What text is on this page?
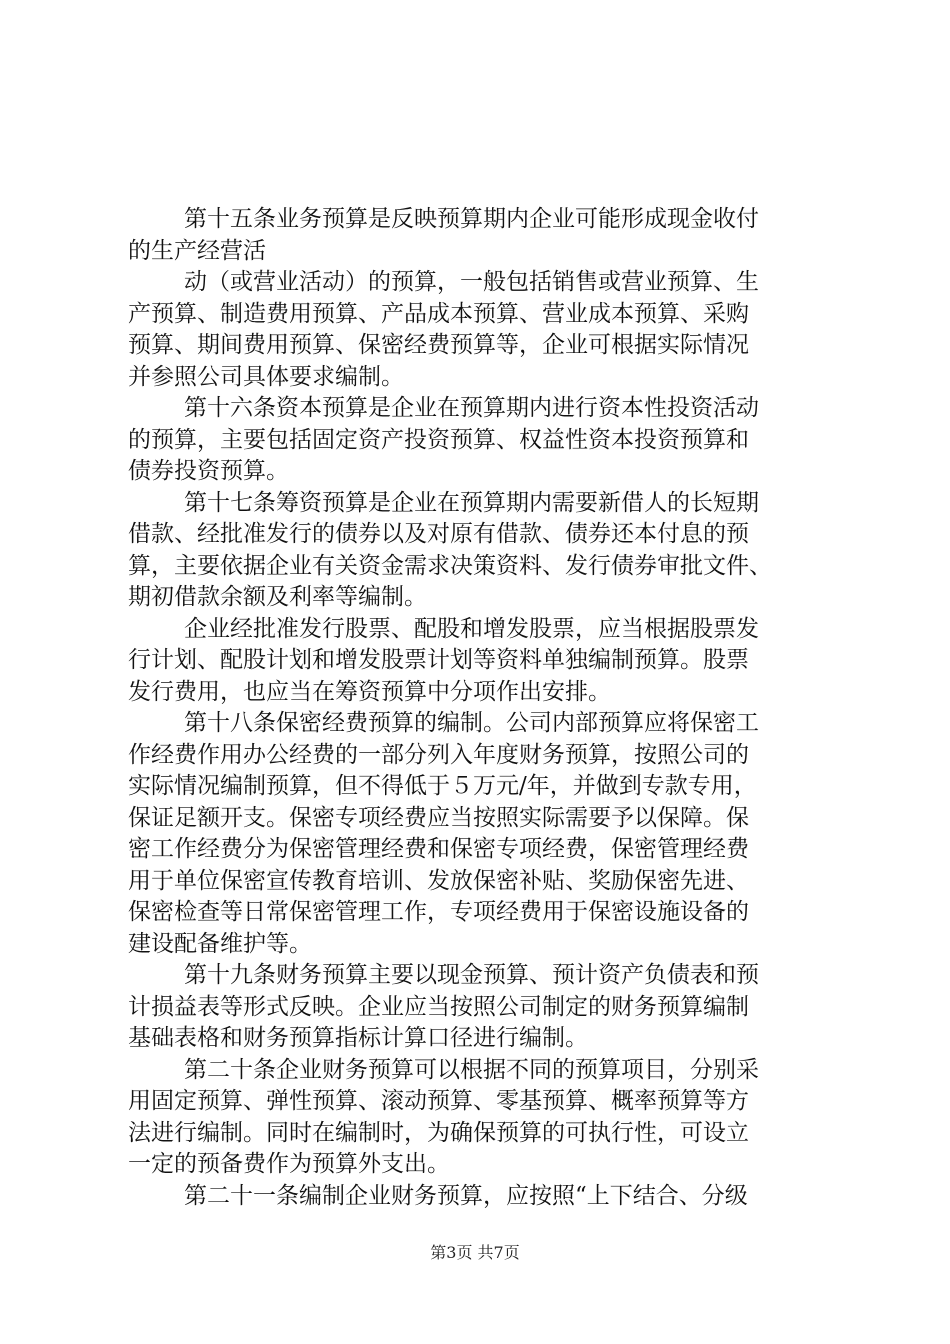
第十五条业务预算是反映预算期内企业可能形成现金收付
的生产经营活
动（或营业活动）的预算，一般包括销售或营业预算、生
产预算、制造费用预算、产品成本预算、营业成本预算、采购
预算、期间费用预算、保密经费预算等，企业可根据实际情况
并参照公司具体要求编制。
第十六条资本预算是企业在预算期内进行资本性投资活动
的预算，主要包括固定资产投资预算、权益性资本投资预算和
债券投资预算。
第十七条筹资预算是企业在预算期内需要新借人的长短期
借款、经批准发行的债券以及对原有借款、债券还本付息的预
算，主要依据企业有关资金需求决策资料、发行债券审批文件、
期初借款余额及利率等编制。
企业经批准发行股票、配股和增发股票，应当根据股票发
行计划、配股计划和增发股票计划等资料单独编制预算。股票
发行费用，也应当在筹资预算中分项作出安排。
第十八条保密经费预算的编制。公司内部预算应将保密工
作经费作用办公经费的一部分列入年度财务预算，按照公司的
实际情况编制预算，但不得低于５万元/年，并做到专款专用，
保证足额开支。保密专项经费应当按照实际需要予以保障。保
密工作经费分为保密管理经费和保密专项经费，保密管理经费
用于单位保密宣传教育培训、发放保密补贴、奖励保密先进、
保密检查等日常保密管理工作，专项经费用于保密设施设备的
建设配备维护等。
第十九条财务预算主要以现金预算、预计资产负债表和预
计损益表等形式反映。企业应当按照公司制定的财务预算编制
基础表格和财务预算指标计算口径进行编制。
第二十条企业财务预算可以根据不同的预算项目，分别采
用固定预算、弹性预算、滚动预算、零基预算、概率预算等方
法进行编制。同时在编制时，为确保预算的可执行性，可设立
一定的预备费作为预算外支出。
第二十一条编制企业财务预算，应按照“上下结合、分级
第3页 共7页
